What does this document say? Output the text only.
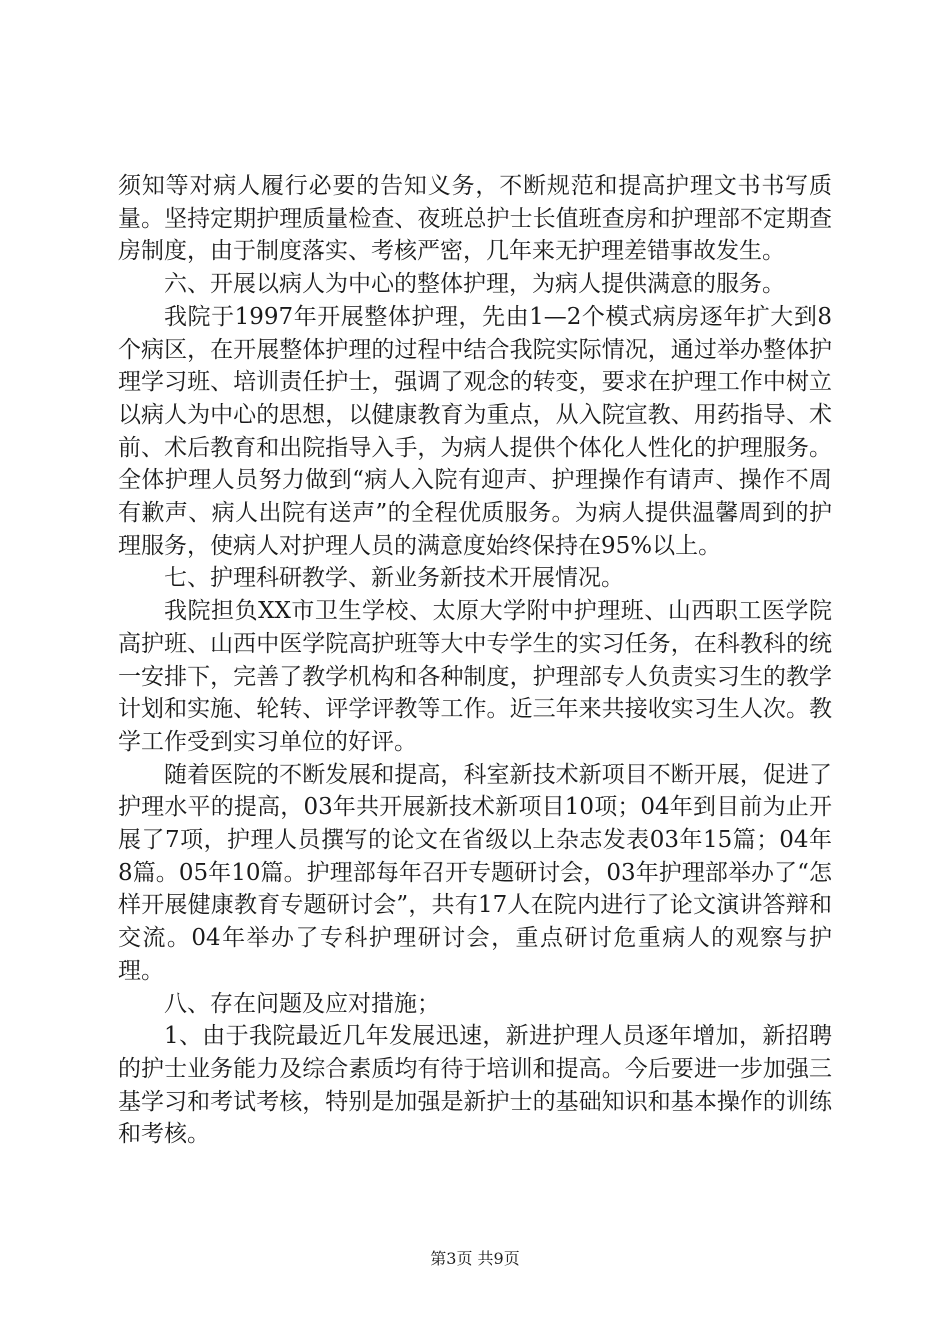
须知等对病人履行必要的告知义务，不断规范和提高护理文书书写质量。坚持定期护理质量检查、夜班总护士长值班查房和护理部不定期查房制度，由于制度落实、考核严密，几年来无护理差错事故发生。

六、开展以病人为中心的整体护理，为病人提供满意的服务。

我院于1997年开展整体护理，先由1—2个模式病房逐年扩大到8个病区，在开展整体护理的过程中结合我院实际情况，通过举办整体护理学习班、培训责任护士，强调了观念的转变，要求在护理工作中树立以病人为中心的思想，以健康教育为重点，从入院宣教、用药指导、术前、术后教育和出院指导入手，为病人提供个体化人性化的护理服务。全体护理人员努力做到“病人入院有迎声、护理操作有请声、操作不周有歉声、病人出院有送声”的全程优质服务。为病人提供温馨周到的护理服务，使病人对护理人员的满意度始终保持在95%以上。

七、护理科研教学、新业务新技术开展情况。

我院担负XX市卫生学校、太原大学附中护理班、山西职工医学院高护班、山西中医学院高护班等大中专学生的实习任务，在科教科的统一安排下，完善了教学机构和各种制度，护理部专人负责实习生的教学计划和实施、轮转、评学评教等工作。近三年来共接收实习生人次。教学工作受到实习单位的好评。

随着医院的不断发展和提高，科室新技术新项目不断开展，促进了护理水平的提高，03年共开展新技术新项目10项；04年到目前为止开展了7项，护理人员撰写的论文在省级以上杂志发表03年15篇；04年8篇。05年10篇。护理部每年召开专题研讨会，03年护理部举办了“怎样开展健康教育专题研讨会”，共有17人在院内进行了论文演讲答辩和交流。04年举办了专科护理研讨会，重点研讨危重病人的观察与护理。

八、存在问题及应对措施；

1、由于我院最近几年发展迅速，新进护理人员逐年增加，新招聘的护士业务能力及综合素质均有待于培训和提高。今后要进一步加强三基学习和考试考核，特别是加强是新护士的基础知识和基本操作的训练和考核。

第3页 共9页
